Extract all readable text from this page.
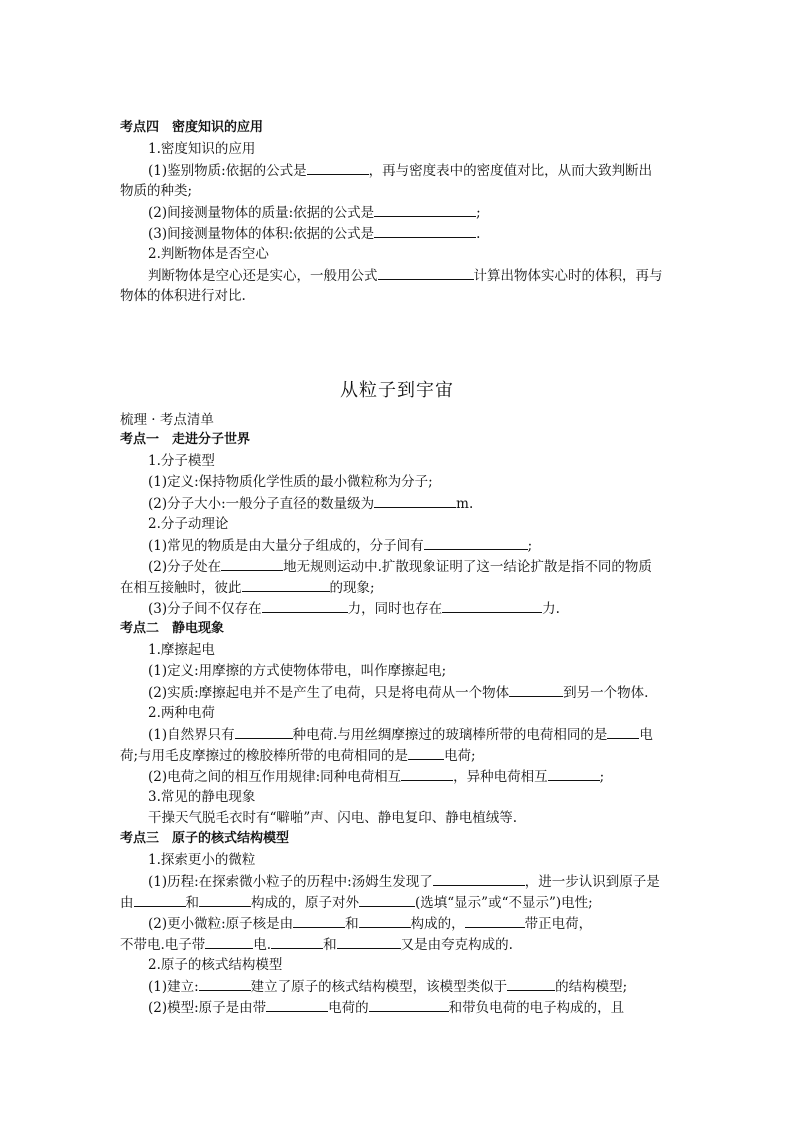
考点四　密度知识的应用
1.密度知识的应用
(1)鉴别物质:依据的公式是	，再与密度表中的密度值对比，从而大致判断出
物质的种类;
(2)间接测量物体的质量:依据的公式是	;
(3)间接测量物体的体积:依据的公式是	.
2.判断物体是否空心
判断物体是空心还是实心，一般用公式	计算出物体实心时的体积，再与
物体的体积进行对比.
从粒子到宇宙
梳理 · 考点清单
考点一　走进分子世界
1.分子模型
(1)定义:保持物质化学性质的最小微粒称为分子;
(2)分子大小:一般分子直径的数量级为	m.
2.分子动理论
(1)常见的物质是由大量分子组成的，分子间有	;
(2)分子处在	地无规则运动中.扩散现象证明了这一结论扩散是指不同的物质
在相互接触时，彼此	的现象;
(3)分子间不仅存在	力，同时也存在	力.
考点二　静电现象
1.摩擦起电
(1)定义:用摩擦的方式使物体带电，叫作摩擦起电;
(2)实质:摩擦起电并不是产生了电荷，只是将电荷从一个物体	到另一个物体.
2.两种电荷
(1)自然界只有	种电荷.与用丝绸摩擦过的玻璃棒所带的电荷相同的是 电
荷;与用毛皮摩擦过的橡胶棒所带的电荷相同的是	电荷;
(2)电荷之间的相互作用规律:同种电荷相互	，异种电荷相互	;
3.常见的静电现象
干操天气脱毛衣时有“噼啪”声、闪电、静电复印、静电植绒等.
考点三　原子的核式结构模型
1.探索更小的微粒
(1)历程:在探索微小粒子的历程中:汤姆生发现了	，进一步认识到原子是
由	和	构成的，原子对外	(选填“显示”或“不显示”)电性;
(2)更小微粒:原子核是由	和	构成的，	带正电荷，
不带电.电子带	电.	和	又是由夸克构成的.
2.原子的核式结构模型
(1)建立:	建立了原子的核式结构模型，该模型类似于	的结构模型;
(2)模型:原子是由带	电荷的	和带负电荷的电子构成的，且
